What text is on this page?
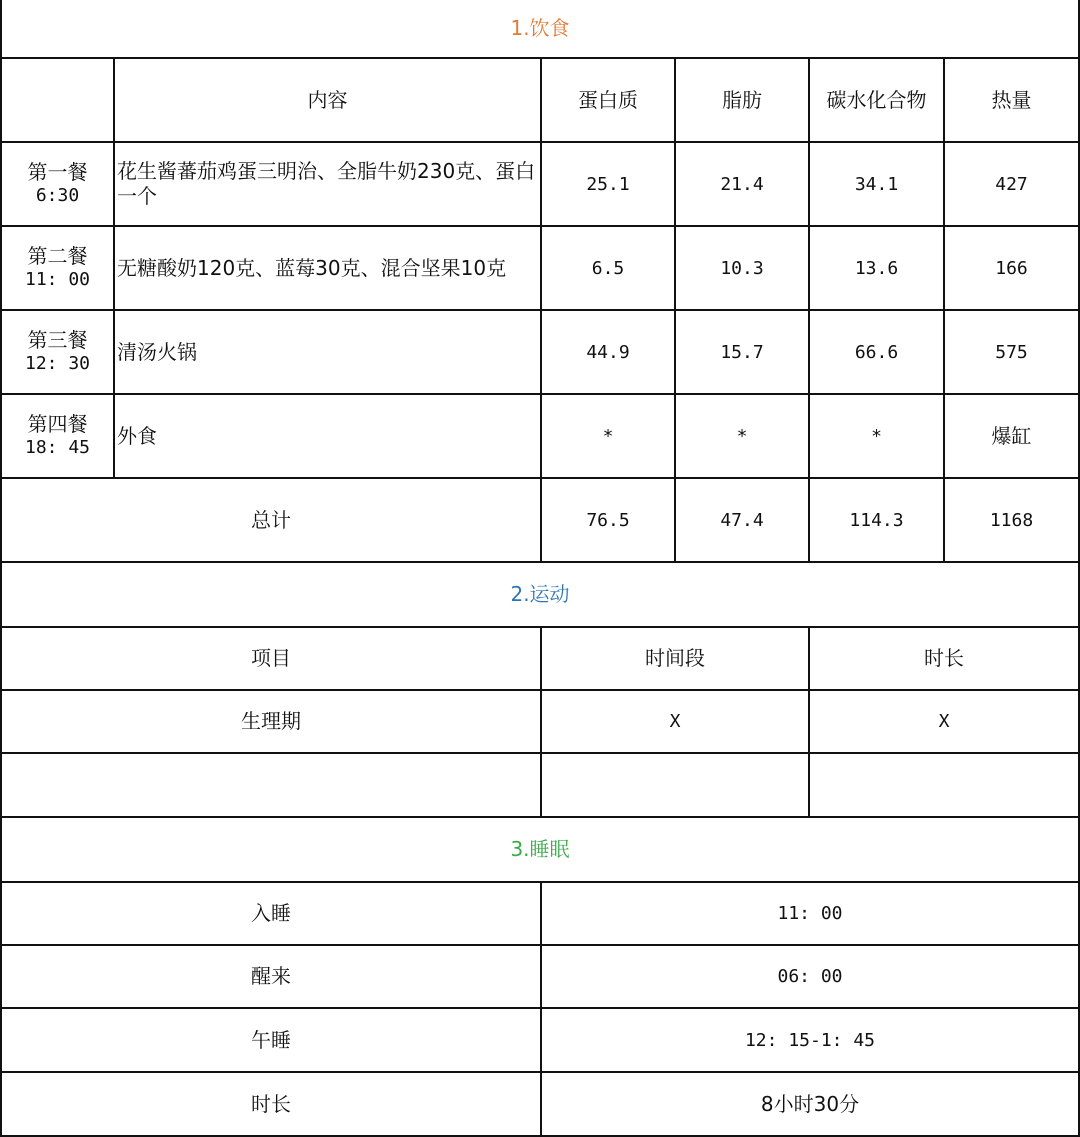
1.饮食					
	内容	蛋白质	脂肪	碳水化合物	热量

第一餐
6:30	花生酱蕃茄鸡蛋三明治、全脂牛奶230克、蛋白一个	25.1	21.4	34.1	427

第二餐
11: 00	无糖酸奶120克、蓝莓30克、混合坚果10克	6.5	10.3	13.6	166

第三餐
12: 30	清汤火锅	44.9	15.7	66.6	575

第四餐
18: 45	外食	*	*	*	爆缸
总计		76.5	47.4	114.3	1168
2.运动		
项目	时间段	时长
生理期	X	X

3.睡眠	
入睡	11: 00
醒来	06: 00
午睡	12: 15-1: 45
时长	8小时30分
